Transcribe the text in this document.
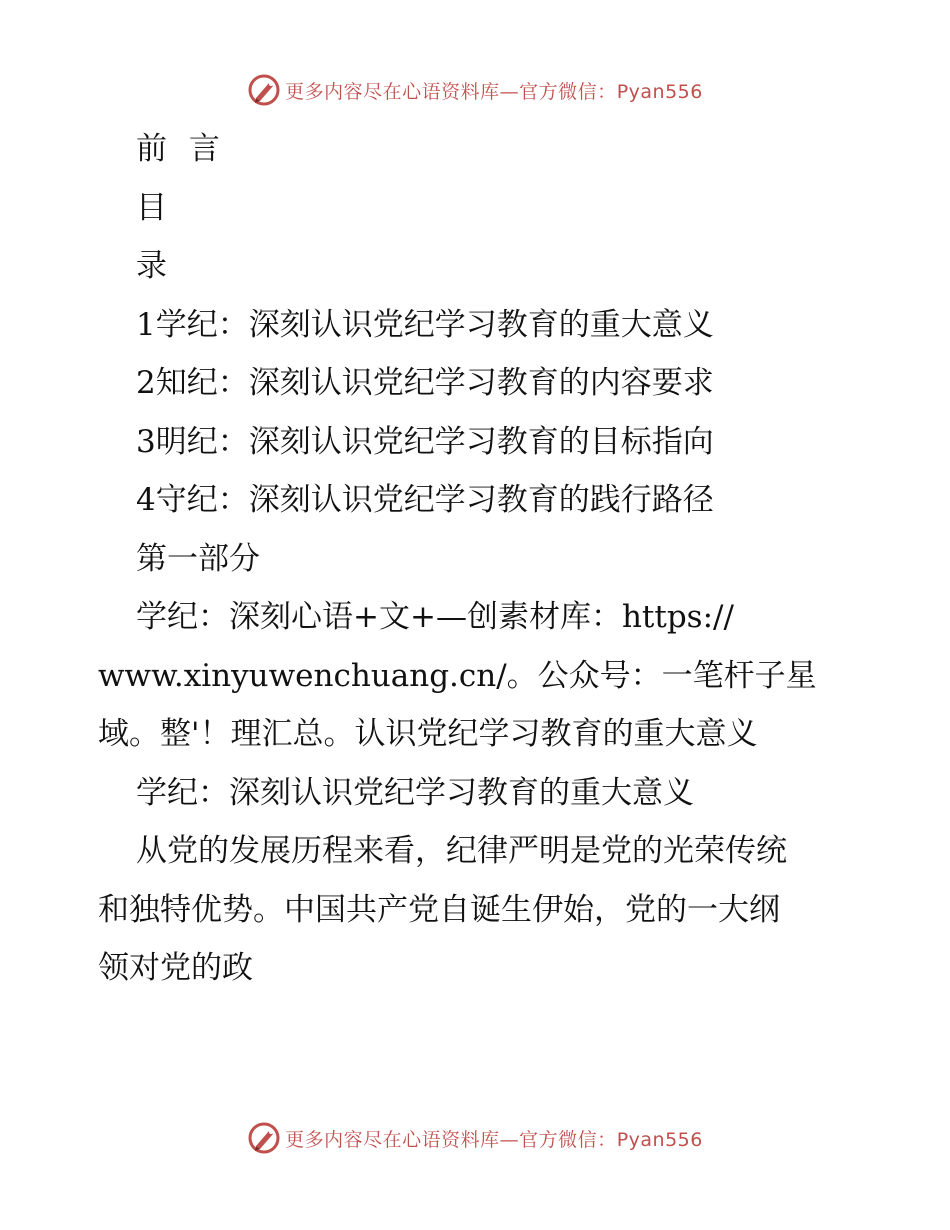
更多内容尽在心语资料库—官方微信：Pyan556
前 言
目
录
1学纪：深刻认识党纪学习教育的重大意义
2知纪：深刻认识党纪学习教育的内容要求
3明纪：深刻认识党纪学习教育的目标指向
4守纪：深刻认识党纪学习教育的践行路径
第一部分
学纪：深刻心语+文+—创素材库：https://
www.xinyuwenchuang.cn/。公众号：一笔杆子星
域。整'！理汇总。认识党纪学习教育的重大意义
学纪：深刻认识党纪学习教育的重大意义
从党的发展历程来看，纪律严明是党的光荣传统
和独特优势。中国共产党自诞生伊始，党的一大纲
领对党的政
更多内容尽在心语资料库—官方微信：Pyan556
